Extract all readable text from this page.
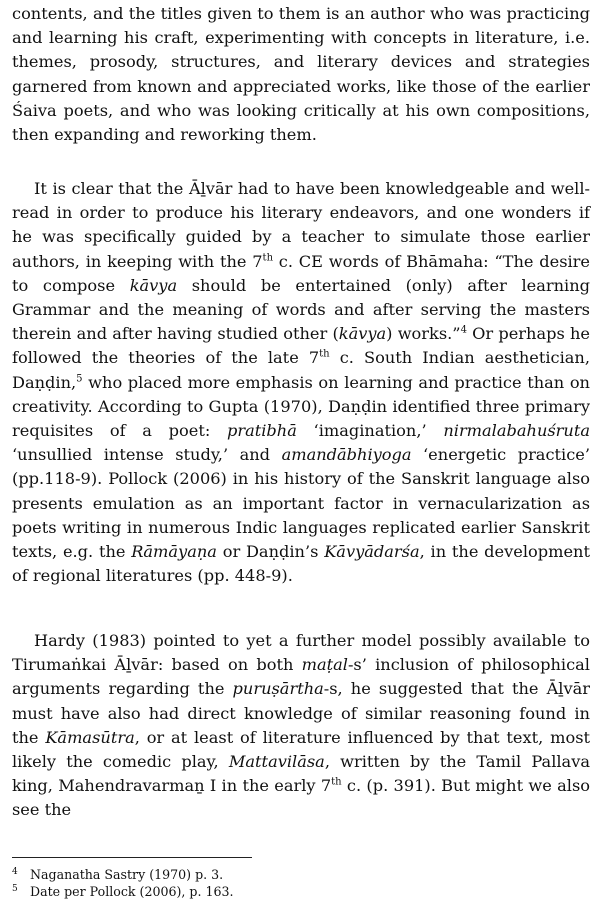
contents, and the titles given to them is an author who was practicing and learning his craft, experimenting with concepts in literature, i.e. themes, prosody, structures, and literary devices and strategies garnered from known and appreciated works, like those of the earlier Śaiva poets, and who was looking critically at his own compositions, then expanding and reworking them.

It is clear that the Āḻvār had to have been knowledgeable and well-read in order to produce his literary endeavors, and one wonders if he was specifically guided by a teacher to simulate those earlier authors, in keeping with the 7th c. CE words of Bhāmaha: “The desire to compose kāvya should be entertained (only) after learning Grammar and the meaning of words and after serving the masters therein and after having studied other (kāvya) works.”$^4$ Or perhaps he followed the theories of the late 7th c. South Indian aesthetician, Daṇḍin,$^5$ who placed more emphasis on learning and practice than on creativity. According to Gupta (1970), Daṇḍin identified three primary requisites of a poet: pratibhā ‘imagination,’ nirmalabahuśruta ‘unsullied intense study,’ and amandābhiyoga ‘energetic practice’ (pp.118-9). Pollock (2006) in his history of the Sanskrit language also presents emulation as an important factor in vernacularization as poets writing in numerous Indic languages replicated earlier Sanskrit texts, e.g. the Rāmāyaṇa or Daṇḍin’s Kāvyādarśa, in the development of regional literatures (pp. 448-9).

Hardy (1983) pointed to yet a further model possibly available to Tirumaṅkai Āḻvār: based on both maṭal-s’ inclusion of philosophical arguments regarding the puruṣārtha-s, he suggested that the Āḻvār must have also had direct knowledge of similar reasoning found in the Kāmasūtra, or at least of literature influenced by that text, most likely the comedic play, Mattavilāsa, written by the Tamil Pallava king, Mahendravarmaṉ I in the early 7th c. (p. 391). But might we also see the

4 Naganatha Sastry (1970) p. 3.

5 Date per Pollock (2006), p. 163.
